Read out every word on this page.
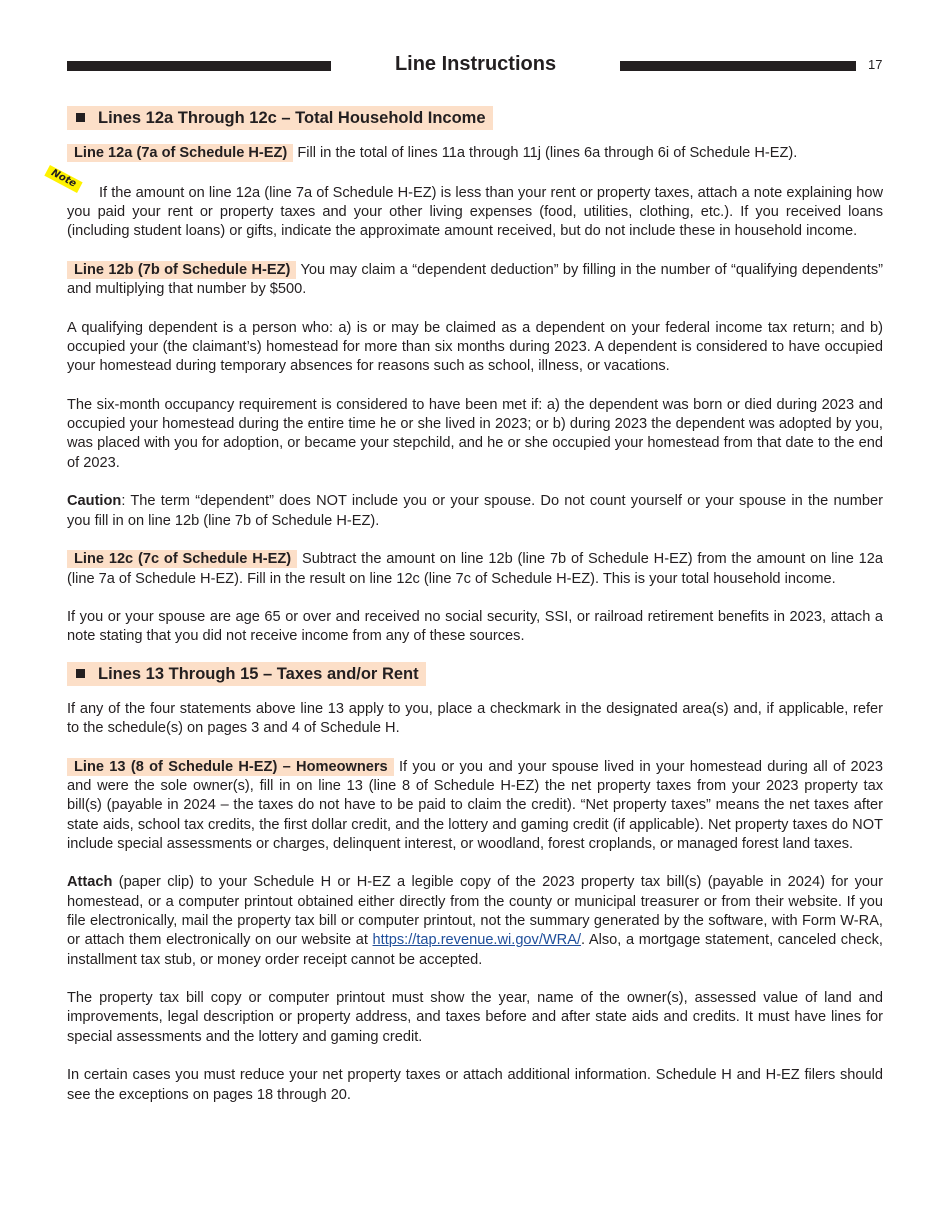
Line Instructions	17
Lines 12a Through 12c – Total Household Income

Line 12a (7a of Schedule H-EZ) Fill in the total of lines 11a through 11j (lines 6a through 6i of Schedule H-EZ).

Note
If the amount on line 12a (line 7a of Schedule H-EZ) is less than your rent or property taxes, attach a note explaining how you paid your rent or property taxes and your other living expenses (food, utilities, clothing, etc.). If you received loans (including student loans) or gifts, indicate the approximate amount received, but do not include these in household income.

Line 12b (7b of Schedule H-EZ) You may claim a “dependent deduction” by filling in the number of “qualifying dependents” and multiplying that number by $500.

A qualifying dependent is a person who: a) is or may be claimed as a dependent on your federal income tax return; and b) occupied your (the claimant’s) homestead for more than six months during 2023. A dependent is considered to have occupied your homestead during temporary absences for reasons such as school, illness, or vacations.

The six-month occupancy requirement is considered to have been met if: a) the dependent was born or died during 2023 and occupied your homestead during the entire time he or she lived in 2023; or b) during 2023 the dependent was adopted by you, was placed with you for adoption, or became your stepchild, and he or she occupied your homestead from that date to the end of 2023.

Caution: The term “dependent” does NOT include you or your spouse. Do not count yourself or your spouse in the number you fill in on line 12b (line 7b of Schedule H-EZ).

Line 12c (7c of Schedule H-EZ) Subtract the amount on line 12b (line 7b of Schedule H-EZ) from the amount on line 12a (line 7a of Schedule H-EZ). Fill in the result on line 12c (line 7c of Schedule H-EZ). This is your total household income.

If you or your spouse are age 65 or over and received no social security, SSI, or railroad retirement benefits in 2023, attach a note stating that you did not receive income from any of these sources.

Lines 13 Through 15 – Taxes and/or Rent

If any of the four statements above line 13 apply to you, place a checkmark in the designated area(s) and, if applicable, refer to the schedule(s) on pages 3 and 4 of Schedule H.

Line 13 (8 of Schedule H-EZ) – Homeowners If you or you and your spouse lived in your homestead during all of 2023 and were the sole owner(s), fill in on line 13 (line 8 of Schedule H-EZ) the net property taxes from your 2023 property tax bill(s) (payable in 2024 – the taxes do not have to be paid to claim the credit). “Net property taxes” means the net taxes after state aids, school tax credits, the first dollar credit, and the lottery and gaming credit (if applicable). Net property taxes do NOT include special assessments or charges, delinquent interest, or woodland, forest croplands, or managed forest land taxes.

Attach (paper clip) to your Schedule H or H-EZ a legible copy of the 2023 property tax bill(s) (payable in 2024) for your homestead, or a computer printout obtained either directly from the county or municipal treasurer or from their website. If you file electronically, mail the property tax bill or computer printout, not the summary generated by the software, with Form W-RA, or attach them electronically on our website at https://tap.revenue.wi.gov/WRA/. Also, a mortgage statement, canceled check, installment tax stub, or money order receipt cannot be accepted.

The property tax bill copy or computer printout must show the year, name of the owner(s), assessed value of land and improvements, legal description or property address, and taxes before and after state aids and credits. It must have lines for special assessments and the lottery and gaming credit.

In certain cases you must reduce your net property taxes or attach additional information. Schedule H and H-EZ filers should see the exceptions on pages 18 through 20.
